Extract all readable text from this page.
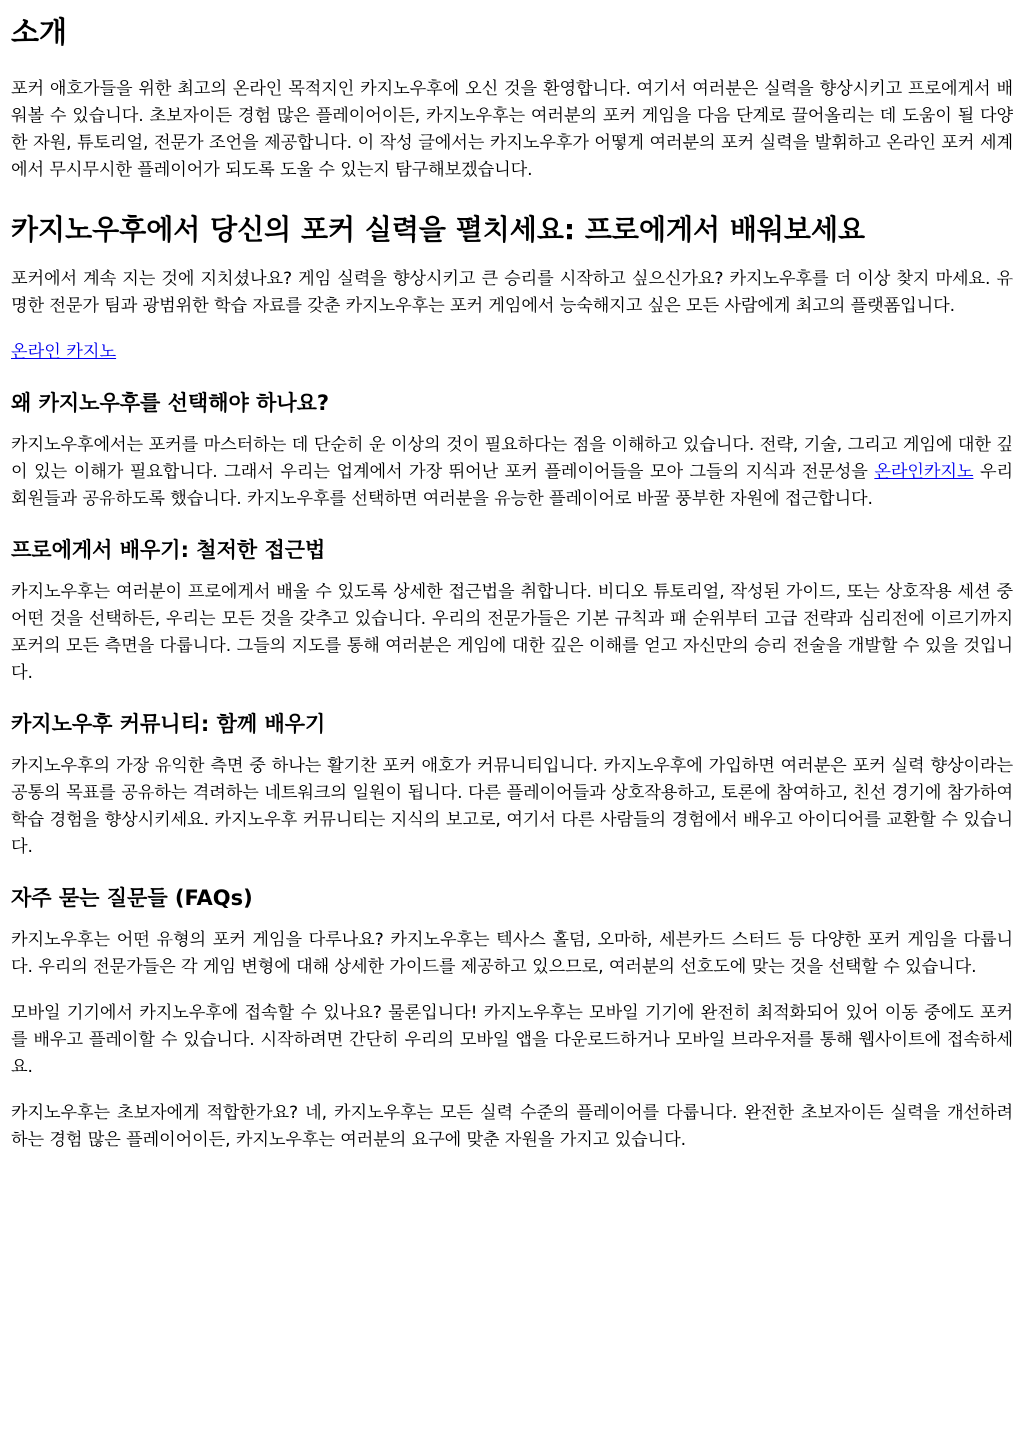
소개

포커 애호가들을 위한 최고의 온라인 목적지인 카지노우후에 오신 것을 환영합니다. 여기서 여러분은 실력을 향상시키고 프로에게서 배워볼 수 있습니다. 초보자이든 경험 많은 플레이어이든, 카지노우후는 여러분의 포커 게임을 다음 단계로 끌어올리는 데 도움이 될 다양한 자원, 튜토리얼, 전문가 조언을 제공합니다. 이 작성 글에서는 카지노우후가 어떻게 여러분의 포커 실력을 발휘하고 온라인 포커 세계에서 무시무시한 플레이어가 되도록 도울 수 있는지 탐구해보겠습니다.

카지노우후에서 당신의 포커 실력을 펼치세요: 프로에게서 배워보세요

포커에서 계속 지는 것에 지치셨나요? 게임 실력을 향상시키고 큰 승리를 시작하고 싶으신가요? 카지노우후를 더 이상 찾지 마세요. 유명한 전문가 팀과 광범위한 학습 자료를 갖춘 카지노우후는 포커 게임에서 능숙해지고 싶은 모든 사람에게 최고의 플랫폼입니다.

온라인 카지노
왜 카지노우후를 선택해야 하나요?

카지노우후에서는 포커를 마스터하는 데 단순히 운 이상의 것이 필요하다는 점을 이해하고 있습니다. 전략, 기술, 그리고 게임에 대한 깊이 있는 이해가 필요합니다. 그래서 우리는 업계에서 가장 뛰어난 포커 플레이어들을 모아 그들의 지식과 전문성을 온라인카지노 우리 회원들과 공유하도록 했습니다. 카지노우후를 선택하면 여러분을 유능한 플레이어로 바꿀 풍부한 자원에 접근합니다.

프로에게서 배우기: 철저한 접근법

카지노우후는 여러분이 프로에게서 배울 수 있도록 상세한 접근법을 취합니다. 비디오 튜토리얼, 작성된 가이드, 또는 상호작용 세션 중 어떤 것을 선택하든, 우리는 모든 것을 갖추고 있습니다. 우리의 전문가들은 기본 규칙과 패 순위부터 고급 전략과 심리전에 이르기까지 포커의 모든 측면을 다룹니다. 그들의 지도를 통해 여러분은 게임에 대한 깊은 이해를 얻고 자신만의 승리 전술을 개발할 수 있을 것입니다.

카지노우후 커뮤니티: 함께 배우기

카지노우후의 가장 유익한 측면 중 하나는 활기찬 포커 애호가 커뮤니티입니다. 카지노우후에 가입하면 여러분은 포커 실력 향상이라는 공통의 목표를 공유하는 격려하는 네트워크의 일원이 됩니다. 다른 플레이어들과 상호작용하고, 토론에 참여하고, 친선 경기에 참가하여 학습 경험을 향상시키세요. 카지노우후 커뮤니티는 지식의 보고로, 여기서 다른 사람들의 경험에서 배우고 아이디어를 교환할 수 있습니다.

자주 묻는 질문들 (FAQs)

카지노우후는 어떤 유형의 포커 게임을 다루나요? 카지노우후는 텍사스 홀덤, 오마하, 세븐카드 스터드 등 다양한 포커 게임을 다룹니다. 우리의 전문가들은 각 게임 변형에 대해 상세한 가이드를 제공하고 있으므로, 여러분의 선호도에 맞는 것을 선택할 수 있습니다.

모바일 기기에서 카지노우후에 접속할 수 있나요? 물론입니다! 카지노우후는 모바일 기기에 완전히 최적화되어 있어 이동 중에도 포커를 배우고 플레이할 수 있습니다. 시작하려면 간단히 우리의 모바일 앱을 다운로드하거나 모바일 브라우저를 통해 웹사이트에 접속하세요.

카지노우후는 초보자에게 적합한가요? 네, 카지노우후는 모든 실력 수준의 플레이어를 다룹니다. 완전한 초보자이든 실력을 개선하려 하는 경험 많은 플레이어이든, 카지노우후는 여러분의 요구에 맞춘 자원을 가지고 있습니다.
